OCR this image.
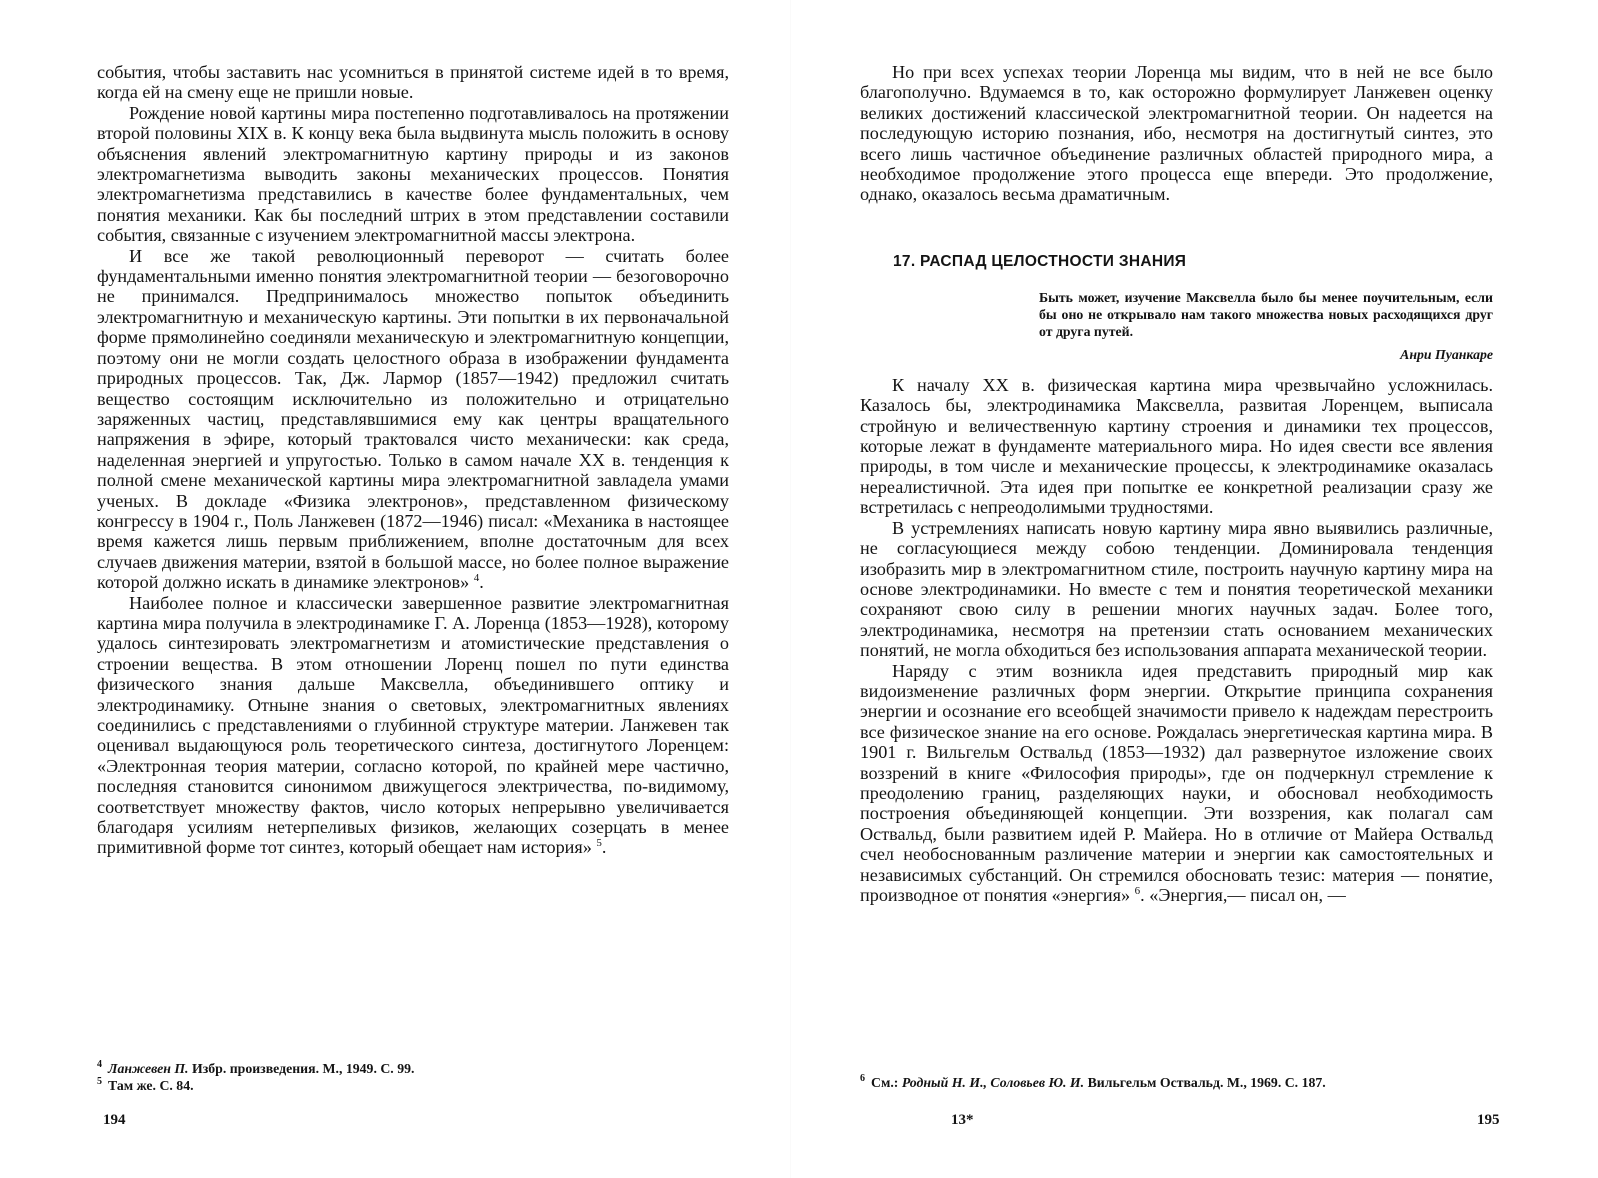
события, чтобы заставить нас усомниться в принятой системе идей в то время, когда ей на смену еще не пришли новые.

Рождение новой картины мира постепенно подготавливалось на протяжении второй половины XIX в. К концу века была выдвинута мысль положить в основу объяснения явлений электромагнитную картину природы и из законов электромагнетизма выводить законы механических процессов. Понятия электромагнетизма представились в качестве более фундаментальных, чем понятия механики. Как бы последний штрих в этом представлении составили события, связанные с изучением электромагнитной массы электрона.

И все же такой революционный переворот — считать более фундаментальными именно понятия электромагнитной теории — безоговорочно не принимался. Предпринималось множество попыток объединить электромагнитную и механическую картины. Эти попытки в их первоначальной форме прямолинейно соединяли механическую и электромагнитную концепции, поэтому они не могли создать целостного образа в изображении фундамента природных процессов. Так, Дж. Лармор (1857—1942) предложил считать вещество состоящим исключительно из положительно и отрицательно заряженных частиц, представлявшимися ему как центры вращательного напряжения в эфире, который трактовался чисто механически: как среда, наделенная энергией и упругостью. Только в самом начале XX в. тенденция к полной смене механической картины мира электромагнитной завладела умами ученых. В докладе «Физика электронов», представленном физическому конгрессу в 1904 г., Поль Ланжевен (1872—1946) писал: «Механика в настоящее время кажется лишь первым приближением, вполне достаточным для всех случаев движения материи, взятой в большой массе, но более полное выражение которой должно искать в динамике электронов» $^4$.

Наиболее полное и классически завершенное развитие электромагнитная картина мира получила в электродинамике Г. А. Лоренца (1853—1928), которому удалось синтезировать электромагнетизм и атомистические представления о строении вещества. В этом отношении Лоренц пошел по пути единства физического знания дальше Максвелла, объединившего оптику и электродинамику. Отныне знания о световых, электромагнитных явлениях соединились с представлениями о глубинной структуре материи. Ланжевен так оценивал выдающуюся роль теоретического синтеза, достигнутого Лоренцем: «Электронная теория материи, согласно которой, по крайней мере частично, последняя становится синонимом движущегося электричества, по-видимому, соответствует множеству фактов, число которых непрерывно увеличивается благодаря усилиям нетерпеливых физиков, желающих созерцать в менее примитивной форме тот синтез, который обещает нам история» $^5$.

$^4$ Ланжевен П. Избр. произведения. М., 1949. С. 99.

$^5$ Там же. С. 84.

194

Но при всех успехах теории Лоренца мы видим, что в ней не все было благополучно. Вдумаемся в то, как осторожно формулирует Ланжевен оценку великих достижений классической электромагнитной теории. Он надеется на последующую историю познания, ибо, несмотря на достигнутый синтез, это всего лишь частичное объединение различных областей природного мира, а необходимое продолжение этого процесса еще впереди. Это продолжение, однако, оказалось весьма драматичным.

17. РАСПАД ЦЕЛОСТНОСТИ ЗНАНИЯ
Быть может, изучение Максвелла было бы менее поучительным, если бы оно не открывало нам такого множества новых расходящихся друг от друга путей.
Анри Пуанкаре

К началу XX в. физическая картина мира чрезвычайно усложнилась. Казалось бы, электродинамика Максвелла, развитая Лоренцем, выписала стройную и величественную картину строения и динамики тех процессов, которые лежат в фундаменте материального мира. Но идея свести все явления природы, в том числе и механические процессы, к электродинамике оказалась нереалистичной. Эта идея при попытке ее конкретной реализации сразу же встретилась с непреодолимыми трудностями.

В устремлениях написать новую картину мира явно выявились различные, не согласующиеся между собою тенденции. Доминировала тенденция изобразить мир в электромагнитном стиле, построить научную картину мира на основе электродинамики. Но вместе с тем и понятия теоретической механики сохраняют свою силу в решении многих научных задач. Более того, электродинамика, несмотря на претензии стать основанием механических понятий, не могла обходиться без использования аппарата механической теории.

Наряду с этим возникла идея представить природный мир как видоизменение различных форм энергии. Открытие принципа сохранения энергии и осознание его всеобщей значимости привело к надеждам перестроить все физическое знание на его основе. Рождалась энергетическая картина мира. В 1901 г. Вильгельм Оствальд (1853—1932) дал развернутое изложение своих воззрений в книге «Философия природы», где он подчеркнул стремление к преодолению границ, разделяющих науки, и обосновал необходимость построения объединяющей концепции. Эти воззрения, как полагал сам Оствальд, были развитием идей Р. Майера. Но в отличие от Майера Оствальд счел необоснованным различение материи и энергии как самостоятельных и независимых субстанций. Он стремился обосновать тезис: материя — понятие, производное от понятия «энергия» $^6$. «Энергия,— писал он, —

$^6$ См.: Родный Н. И., Соловьев Ю. И. Вильгельм Оствальд. М., 1969. С. 187.

195
13*
